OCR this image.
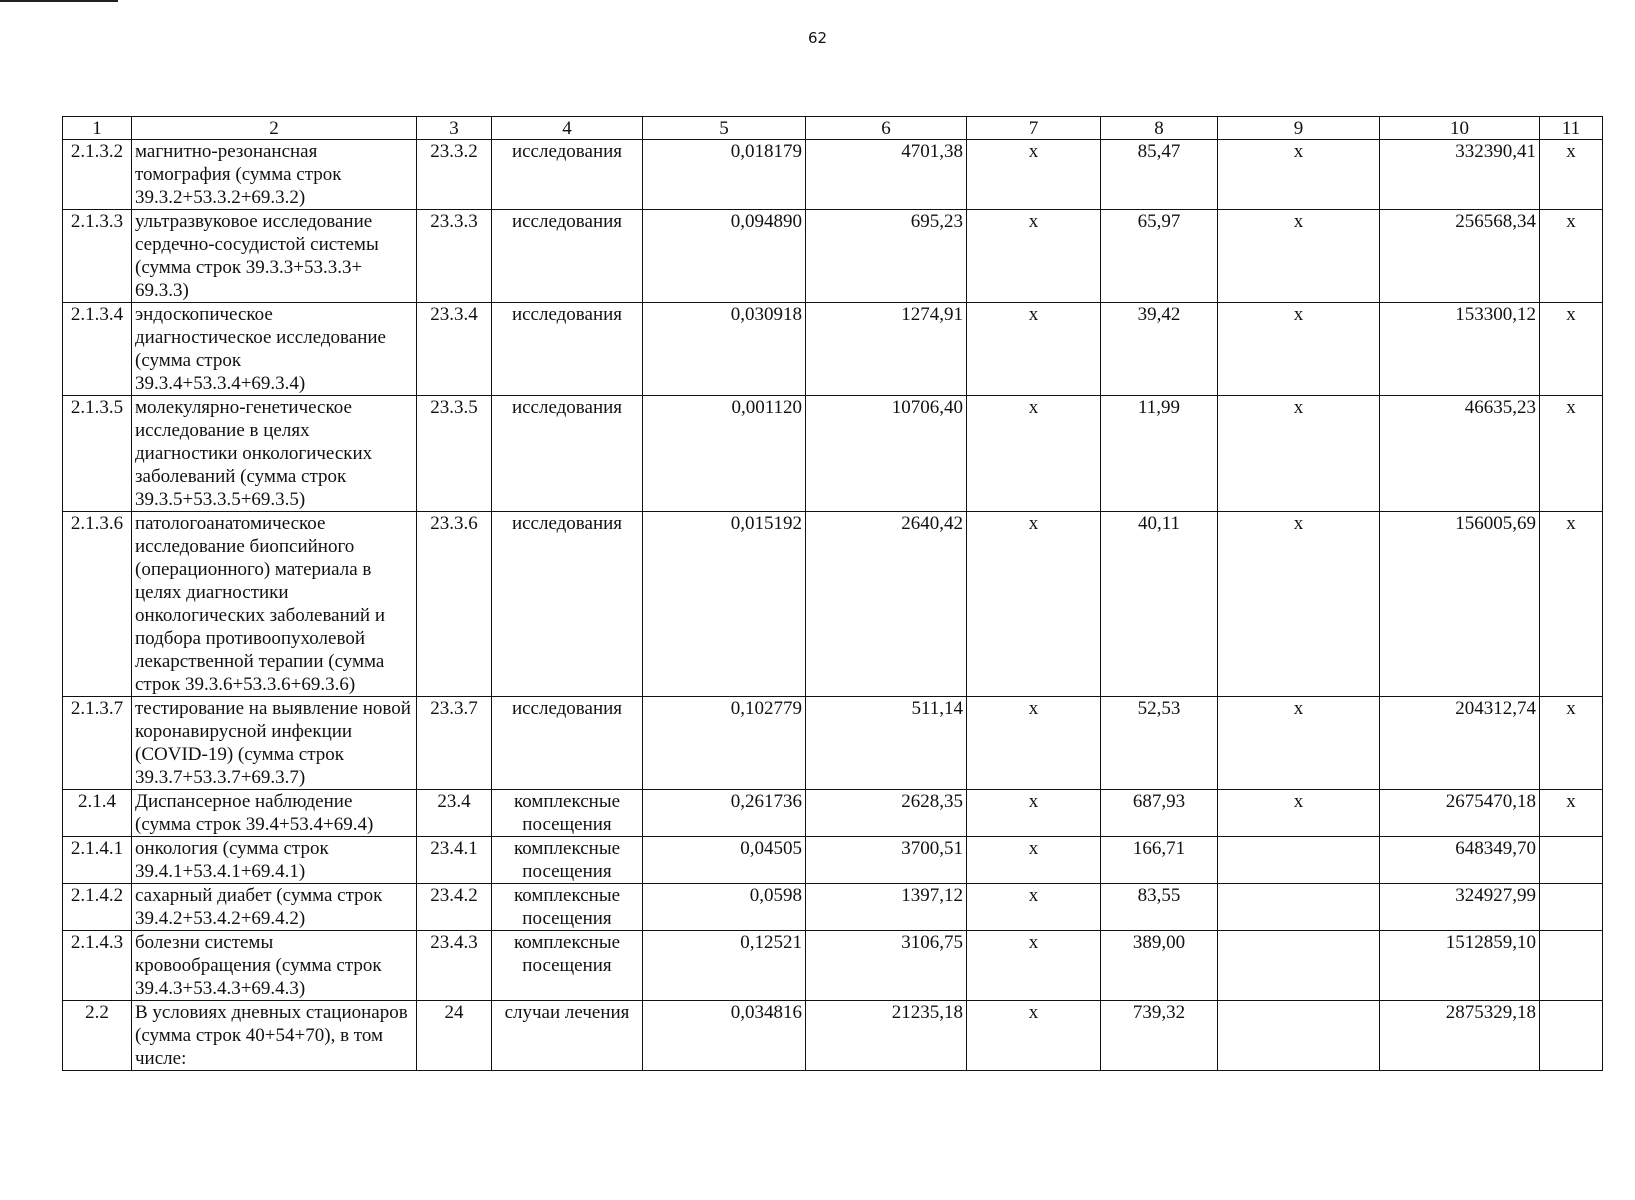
62
1	2	3	4	5	6	7	8	9	10	11
2.1.3.2	магнитно-резонансная томография (сумма строк 39.3.2+53.3.2+69.3.2)	23.3.2	исследования	0,018179	4701,38	х	85,47	х	332390,41	х
2.1.3.3	ультразвуковое исследование сердечно-сосудистой системы (сумма строк 39.3.3+53.3.3+ 69.3.3)	23.3.3	исследования	0,094890	695,23	х	65,97	х	256568,34	х
2.1.3.4	эндоскопическое диагностическое исследование (сумма строк 39.3.4+53.3.4+69.3.4)	23.3.4	исследования	0,030918	1274,91	х	39,42	х	153300,12	х
2.1.3.5	молекулярно-генетическое исследование в целях диагностики онкологических заболеваний (сумма строк 39.3.5+53.3.5+69.3.5)	23.3.5	исследования	0,001120	10706,40	х	11,99	х	46635,23	х
2.1.3.6	патологоанатомическое исследование биопсийного (операционного) материала в целях диагностики онкологических заболеваний и подбора противоопухолевой лекарственной терапии (сумма строк 39.3.6+53.3.6+69.3.6)	23.3.6	исследования	0,015192	2640,42	х	40,11	х	156005,69	х
2.1.3.7	тестирование на выявление новой коронавирусной инфекции (COVID-19) (сумма строк 39.3.7+53.3.7+69.3.7)	23.3.7	исследования	0,102779	511,14	х	52,53	х	204312,74	х
2.1.4	Диспансерное наблюдение (сумма строк 39.4+53.4+69.4)	23.4	комплексные посещения	0,261736	2628,35	х	687,93	х	2675470,18	х
2.1.4.1	онкология (сумма строк 39.4.1+53.4.1+69.4.1)	23.4.1	комплексные посещения	0,04505	3700,51	х	166,71		648349,70	
2.1.4.2	сахарный диабет (сумма строк 39.4.2+53.4.2+69.4.2)	23.4.2	комплексные посещения	0,0598	1397,12	х	83,55		324927,99	
2.1.4.3	болезни системы кровообращения (сумма строк 39.4.3+53.4.3+69.4.3)	23.4.3	комплексные посещения	0,12521	3106,75	х	389,00		1512859,10	
2.2	В условиях дневных стационаров (сумма строк 40+54+70), в том числе:	24	случаи лечения	0,034816	21235,18	х	739,32		2875329,18	
